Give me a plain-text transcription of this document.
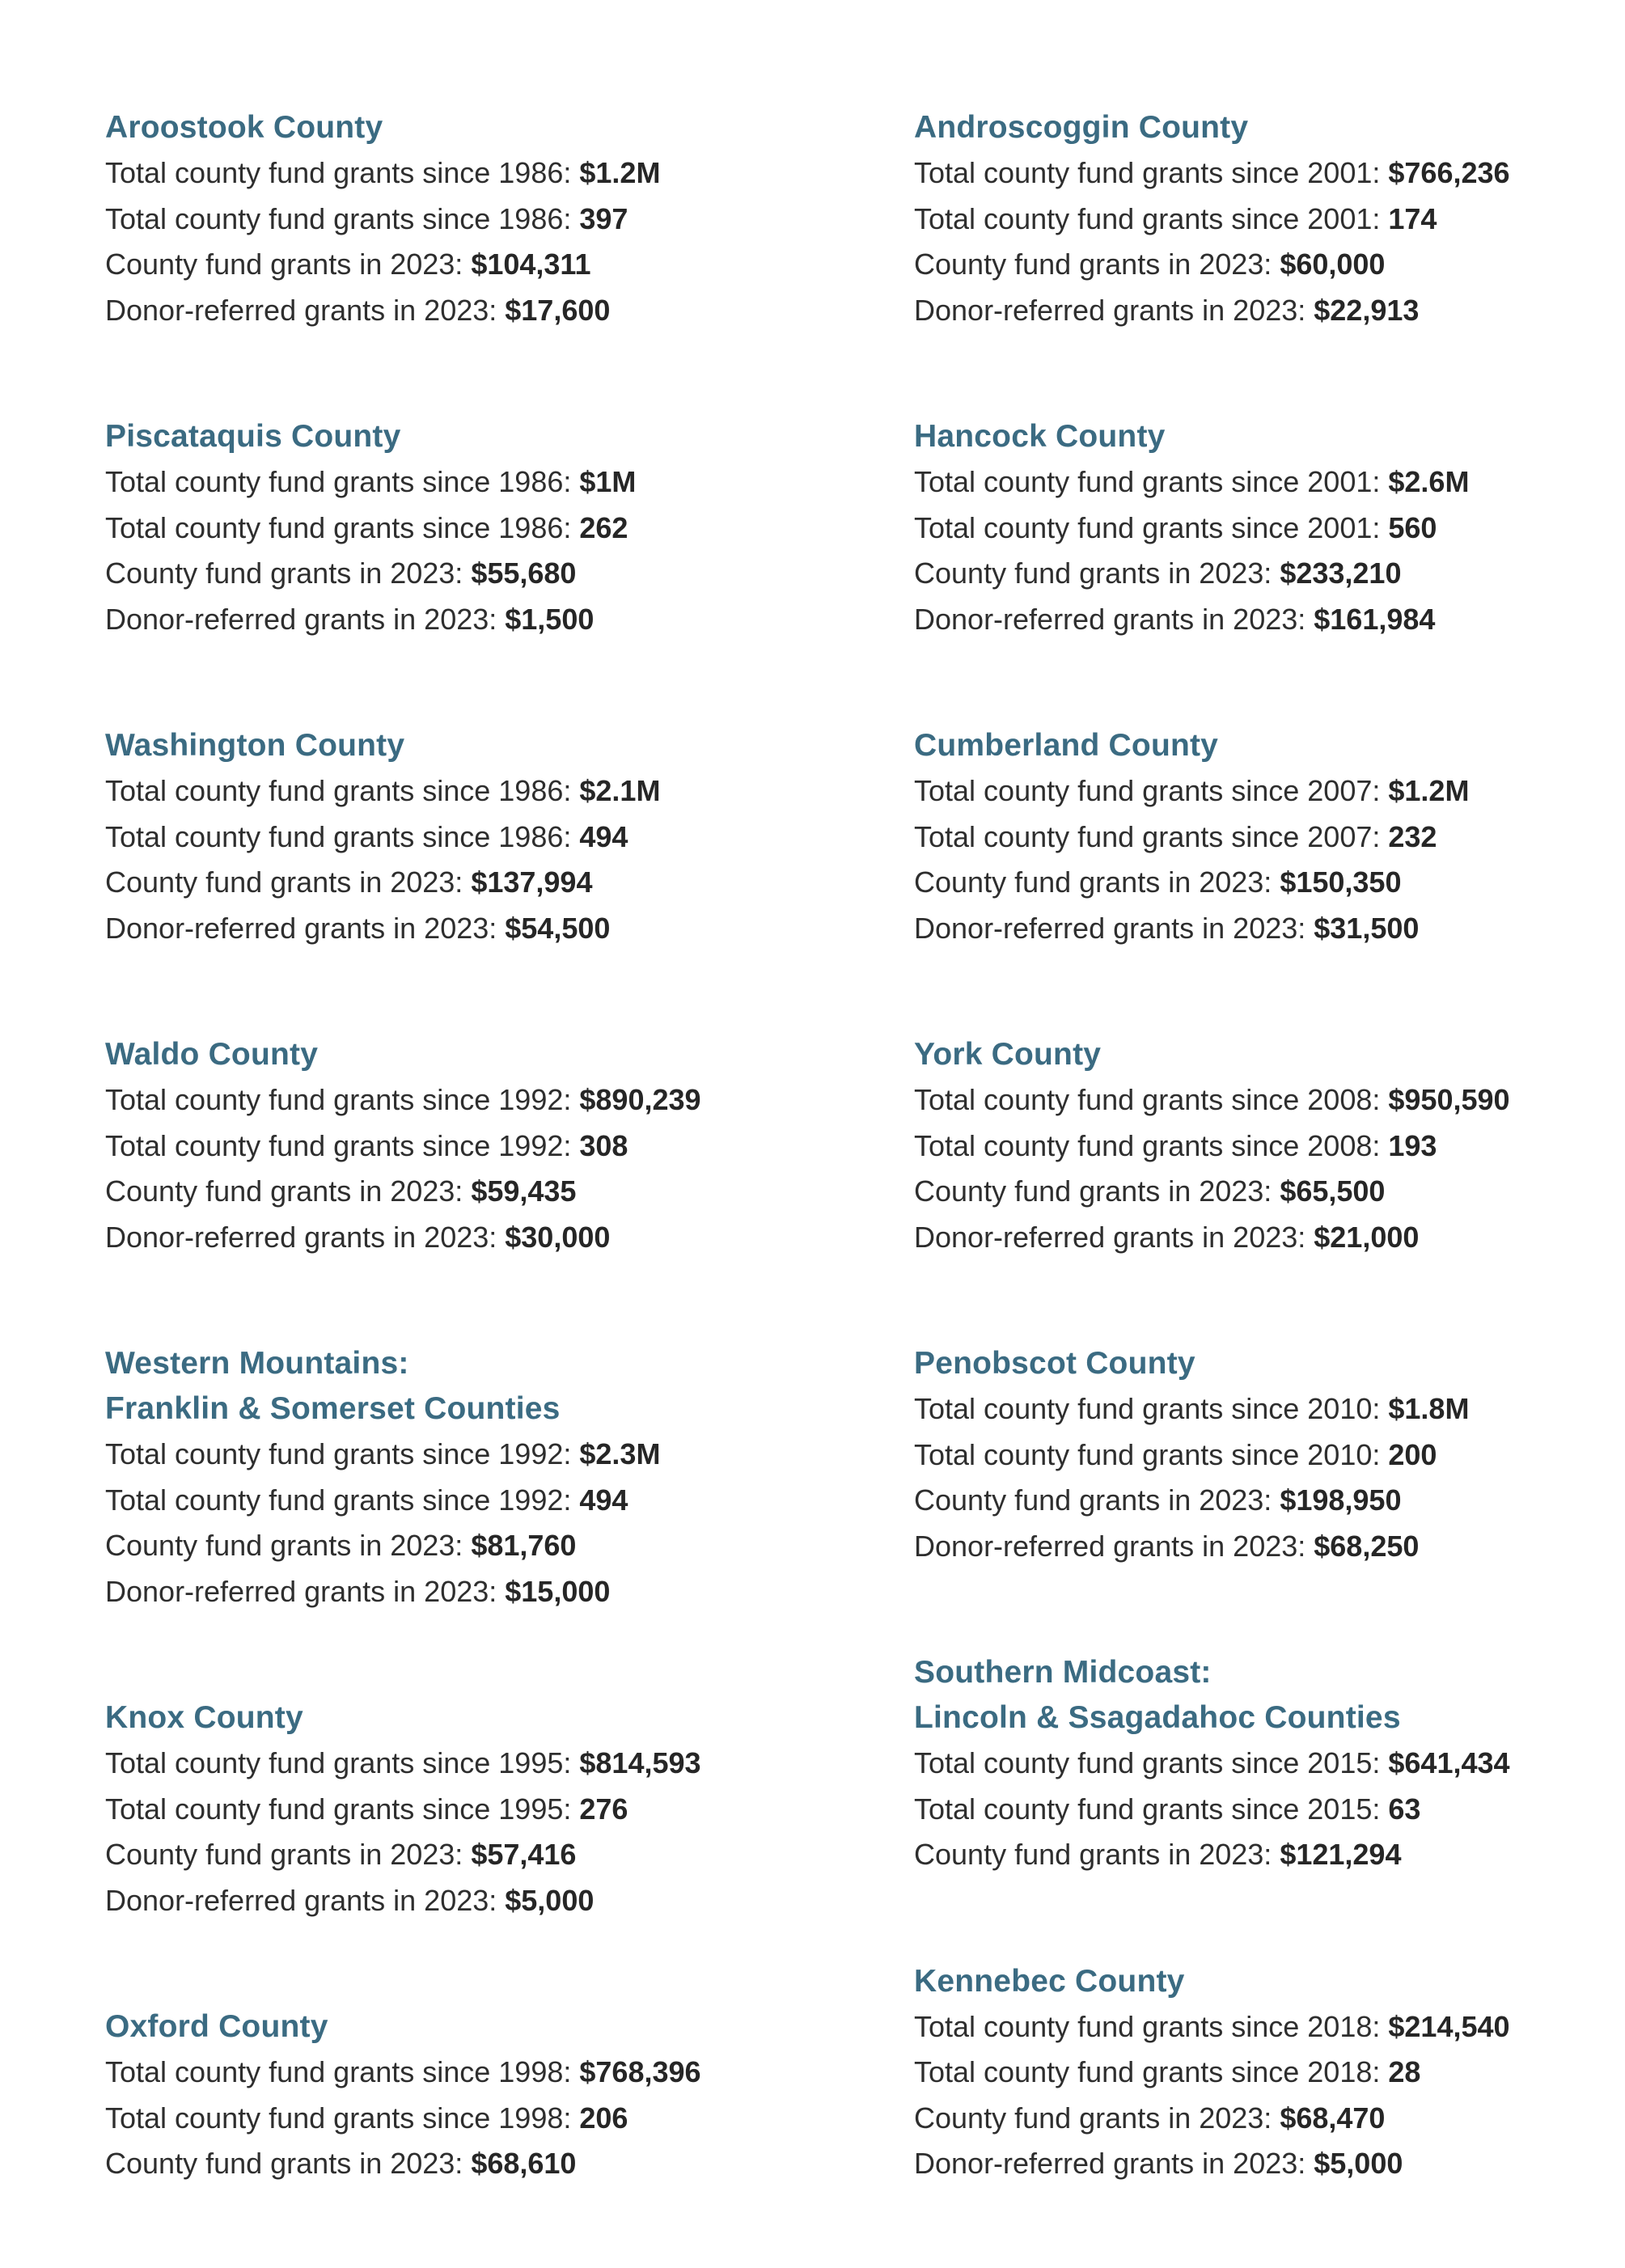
Aroostook County
Total county fund grants since 1986: $1.2M
Total county fund grants since 1986: 397
County fund grants in 2023: $104,311
Donor-referred grants in 2023: $17,600
Piscataquis County
Total county fund grants since 1986: $1M
Total county fund grants since 1986: 262
County fund grants in 2023: $55,680
Donor-referred grants in 2023: $1,500
Washington County
Total county fund grants since 1986: $2.1M
Total county fund grants since 1986: 494
County fund grants in 2023: $137,994
Donor-referred grants in 2023: $54,500
Waldo County
Total county fund grants since 1992: $890,239
Total county fund grants since 1992: 308
County fund grants in 2023: $59,435
Donor-referred grants in 2023: $30,000
Western Mountains:
Franklin & Somerset Counties
Total county fund grants since 1992: $2.3M
Total county fund grants since 1992: 494
County fund grants in 2023: $81,760
Donor-referred grants in 2023: $15,000
Knox County
Total county fund grants since 1995: $814,593
Total county fund grants since 1995: 276
County fund grants in 2023: $57,416
Donor-referred grants in 2023: $5,000
Oxford County
Total county fund grants since 1998: $768,396
Total county fund grants since 1998: 206
County fund grants in 2023: $68,610
Androscoggin County
Total county fund grants since 2001: $766,236
Total county fund grants since 2001: 174
County fund grants in 2023: $60,000
Donor-referred grants in 2023: $22,913
Hancock County
Total county fund grants since 2001: $2.6M
Total county fund grants since 2001: 560
County fund grants in 2023: $233,210
Donor-referred grants in 2023: $161,984
Cumberland County
Total county fund grants since 2007: $1.2M
Total county fund grants since 2007: 232
County fund grants in 2023: $150,350
Donor-referred grants in 2023: $31,500
York County
Total county fund grants since 2008: $950,590
Total county fund grants since 2008: 193
County fund grants in 2023: $65,500
Donor-referred grants in 2023: $21,000
Penobscot County
Total county fund grants since 2010: $1.8M
Total county fund grants since 2010: 200
County fund grants in 2023: $198,950
Donor-referred grants in 2023: $68,250
Southern Midcoast:
Lincoln & Ssagadahoc Counties
Total county fund grants since 2015: $641,434
Total county fund grants since 2015: 63
County fund grants in 2023: $121,294
Kennebec County
Total county fund grants since 2018: $214,540
Total county fund grants since 2018: 28
County fund grants in 2023: $68,470
Donor-referred grants in 2023: $5,000
